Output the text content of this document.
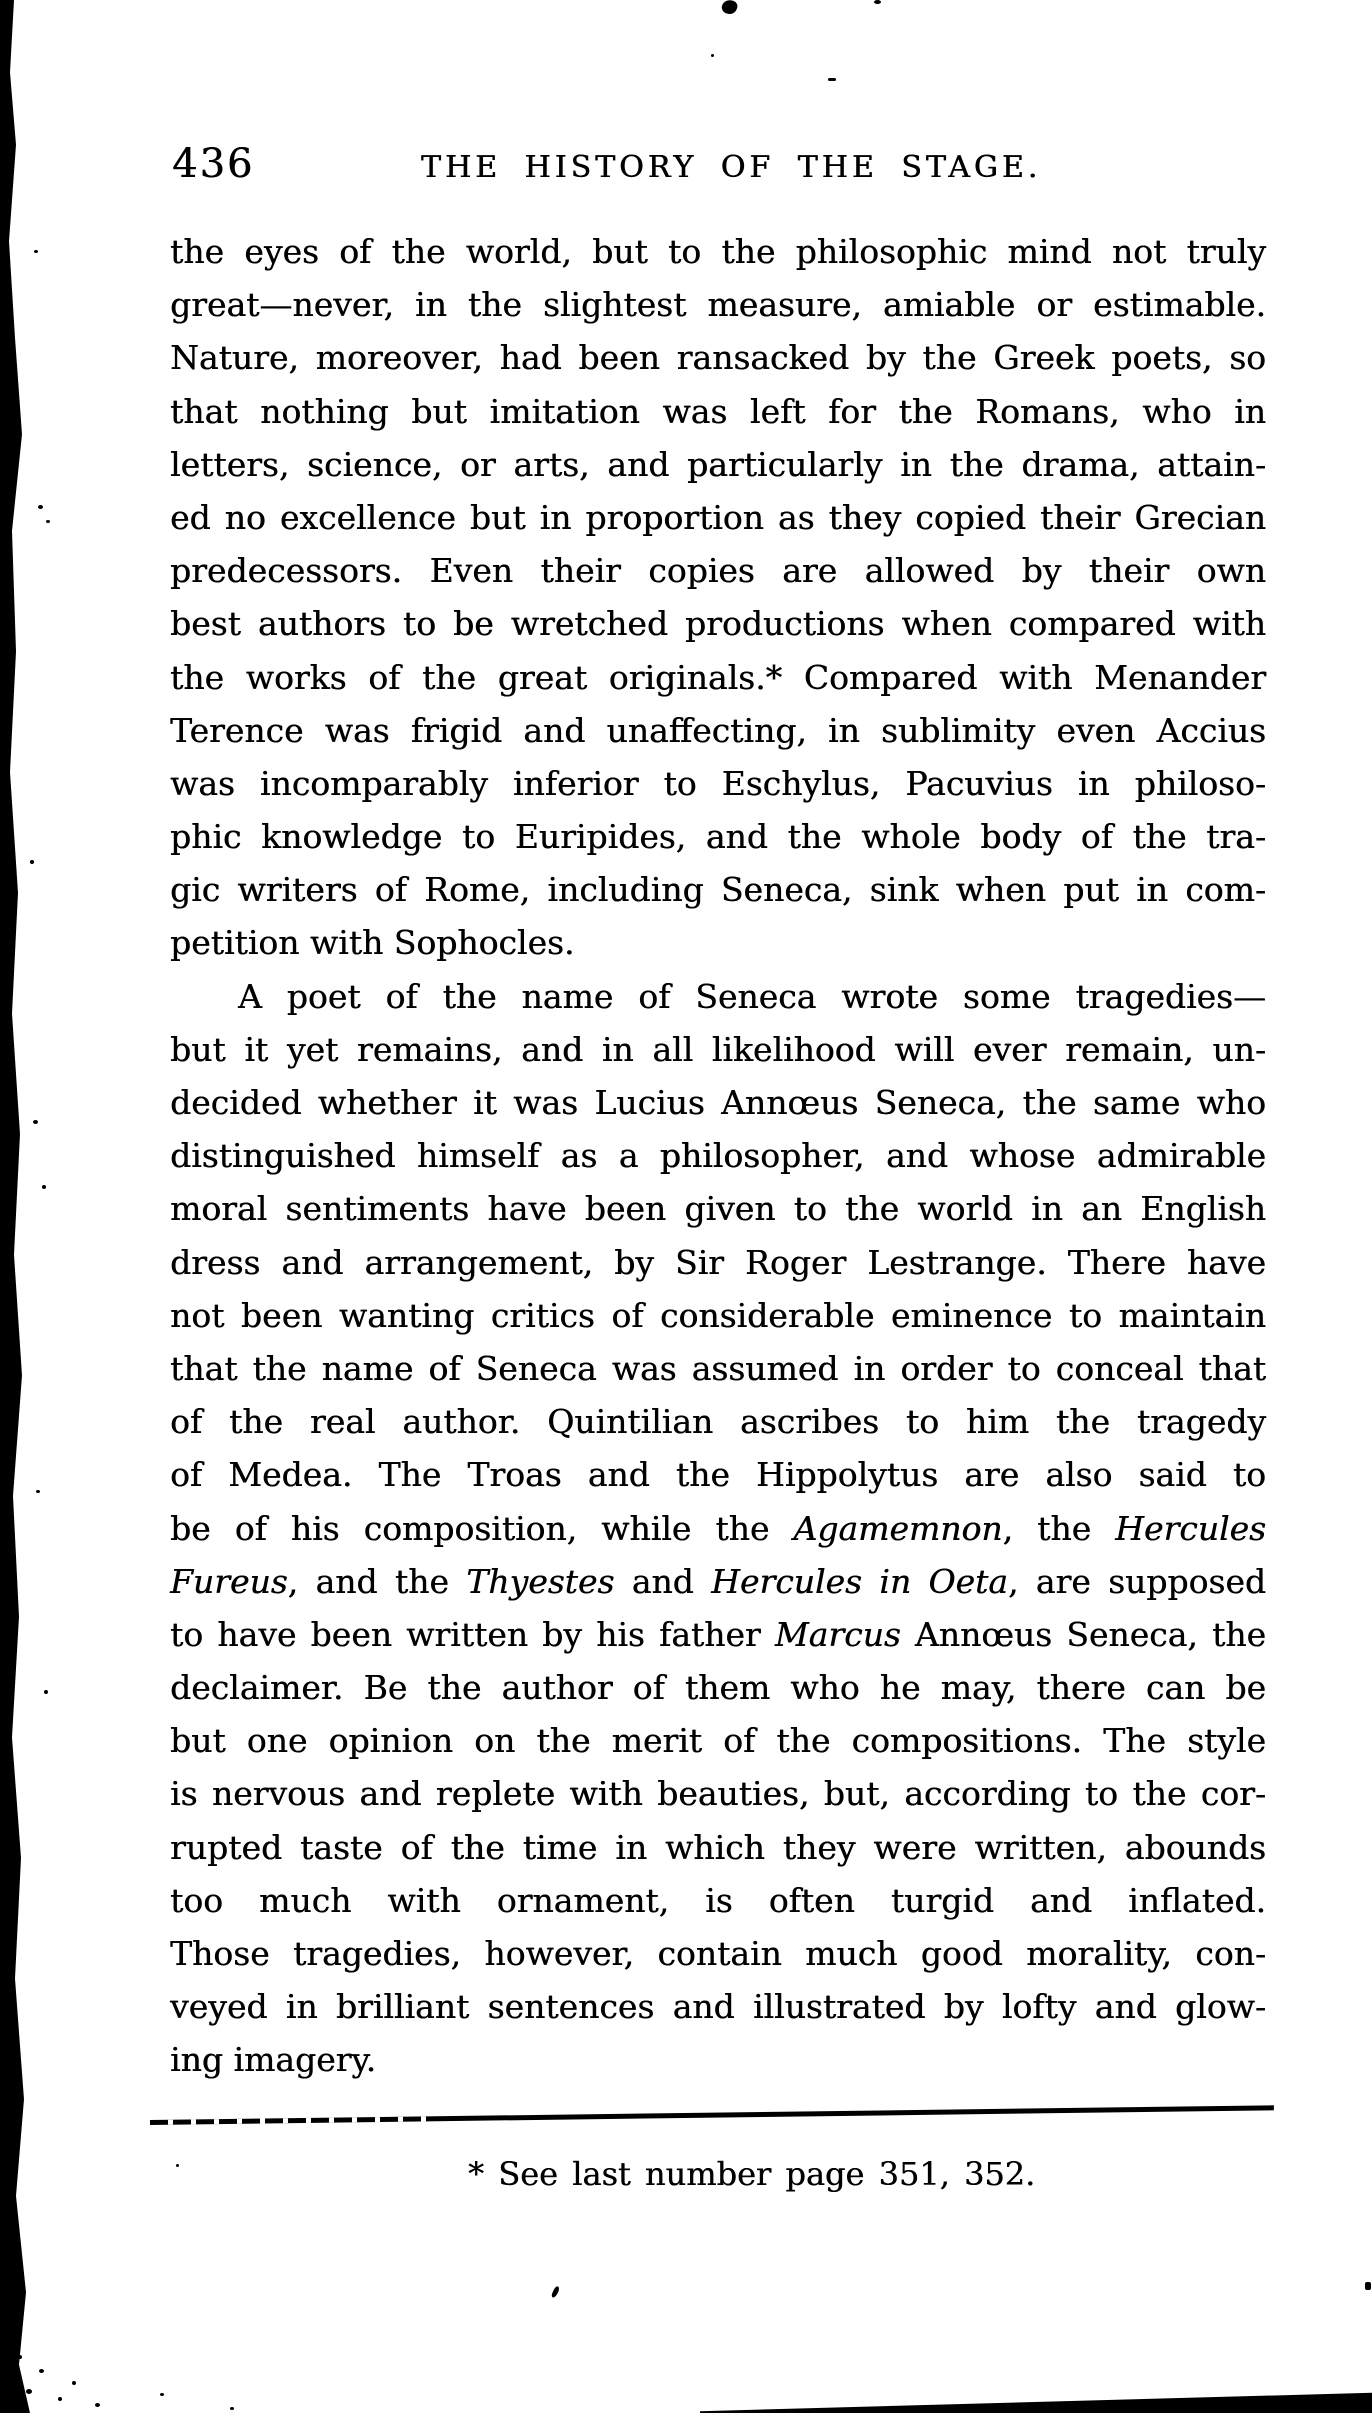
436	THE HISTORY OF THE STAGE.
the eyes of the world, but to the philosophic mind not truly
great—never, in the slightest measure, amiable or estimable.
Nature, moreover, had been ransacked by the Greek poets, so
that nothing but imitation was left for the Romans, who in
letters, science, or arts, and particularly in the drama, attain-
ed no excellence but in proportion as they copied their Grecian
predecessors. Even their copies are allowed by their own
best authors to be wretched productions when compared with
the works of the great originals.* Compared with Menander
Terence was frigid and unaffecting, in sublimity even Accius
was incomparably inferior to Eschylus, Pacuvius in philoso-
phic knowledge to Euripides, and the whole body of the tra-
gic writers of Rome, including Seneca, sink when put in com-
petition with Sophocles.
A poet of the name of Seneca wrote some tragedies—
but it yet remains, and in all likelihood will ever remain, un-
decided whether it was Lucius Annœus Seneca, the same who
distinguished himself as a philosopher, and whose admirable
moral sentiments have been given to the world in an English
dress and arrangement, by Sir Roger Lestrange. There have
not been wanting critics of considerable eminence to maintain
that the name of Seneca was assumed in order to conceal that
of the real author. Quintilian ascribes to him the tragedy
of Medea. The Troas and the Hippolytus are also said to
be of his composition, while the Agamemnon, the Hercules
Fureus, and the Thyestes and Hercules in Oeta, are supposed
to have been written by his father Marcus Annœus Seneca, the
declaimer. Be the author of them who he may, there can be
but one opinion on the merit of the compositions. The style
is nervous and replete with beauties, but, according to the cor-
rupted taste of the time in which they were written, abounds
too much with ornament, is often turgid and inflated.
Those tragedies, however, contain much good morality, con-
veyed in brilliant sentences and illustrated by lofty and glow-
ing imagery.
* See last number page 351, 352.
